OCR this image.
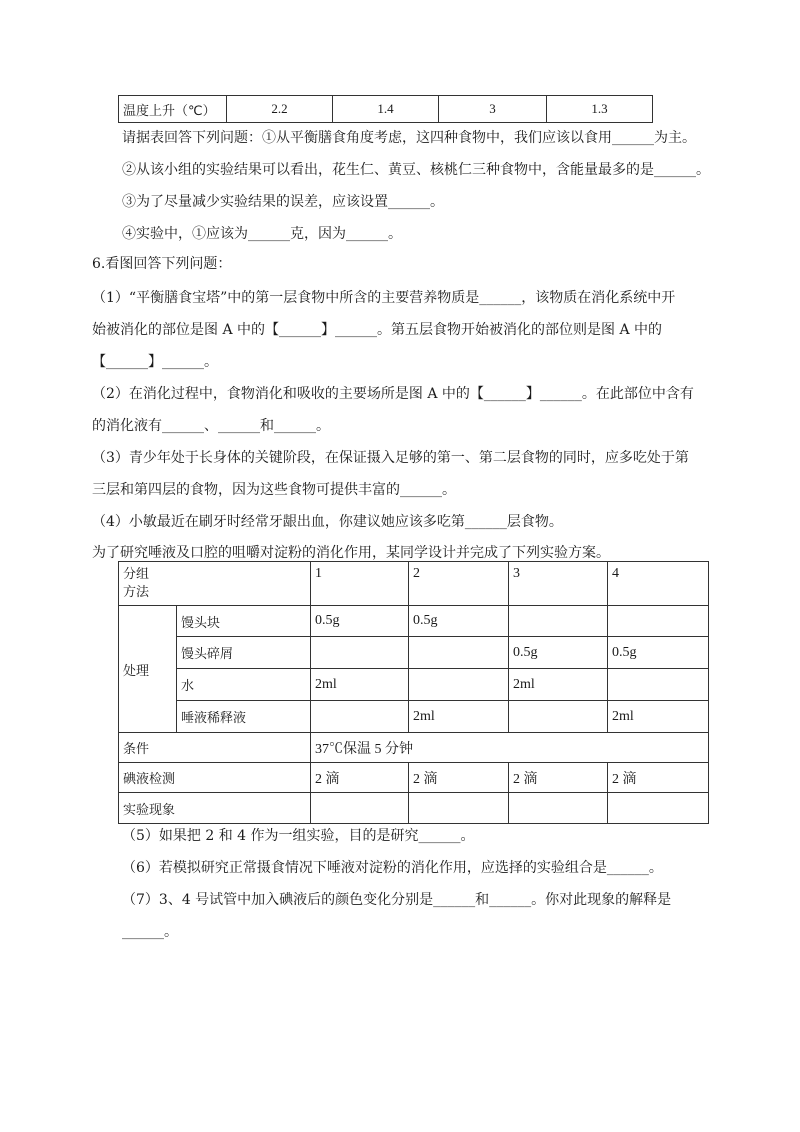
温度上升（℃）	2.2	1.4	3	1.3
请据表回答下列问题：①从平衡膳食角度考虑，这四种食物中，我们应该以食用______为主。
②从该小组的实验结果可以看出，花生仁、黄豆、核桃仁三种食物中，含能量最多的是______。
③为了尽量减少实验结果的误差，应该设置______。
④实验中，①应该为______克，因为______。
6.看图回答下列问题：
（1）“平衡膳食宝塔”中的第一层食物中所含的主要营养物质是______，该物质在消化系统中开
始被消化的部位是图 A 中的【______】______。第五层食物开始被消化的部位则是图 A 中的
【______】______。
（2）在消化过程中，食物消化和吸收的主要场所是图 A 中的【______】______。在此部位中含有
的消化液有______、______和______。
（3）青少年处于长身体的关键阶段，在保证摄入足够的第一、第二层食物的同时，应多吃处于第
三层和第四层的食物，因为这些食物可提供丰富的______。
（4）小敏最近在刷牙时经常牙龈出血，你建议她应该多吃第______层食物。
为了研究唾液及口腔的咀嚼对淀粉的消化作用，某同学设计并完成了下列实验方案。
分组
方法		1	2	3	4
处理	馒头块	0.5g	0.5g		
	馒头碎屑			0.5g	0.5g
	水	2ml		2ml	
	唾液稀释液		2ml		2ml
条件		37℃保温 5 分钟			
碘液检测		2 滴	2 滴	2 滴	2 滴
实验现象					
（5）如果把 2 和 4 作为一组实验，目的是研究______。
（6）若模拟研究正常摄食情况下唾液对淀粉的消化作用，应选择的实验组合是______。
（7）3、4 号试管中加入碘液后的颜色变化分别是______和______。你对此现象的解释是
______。
